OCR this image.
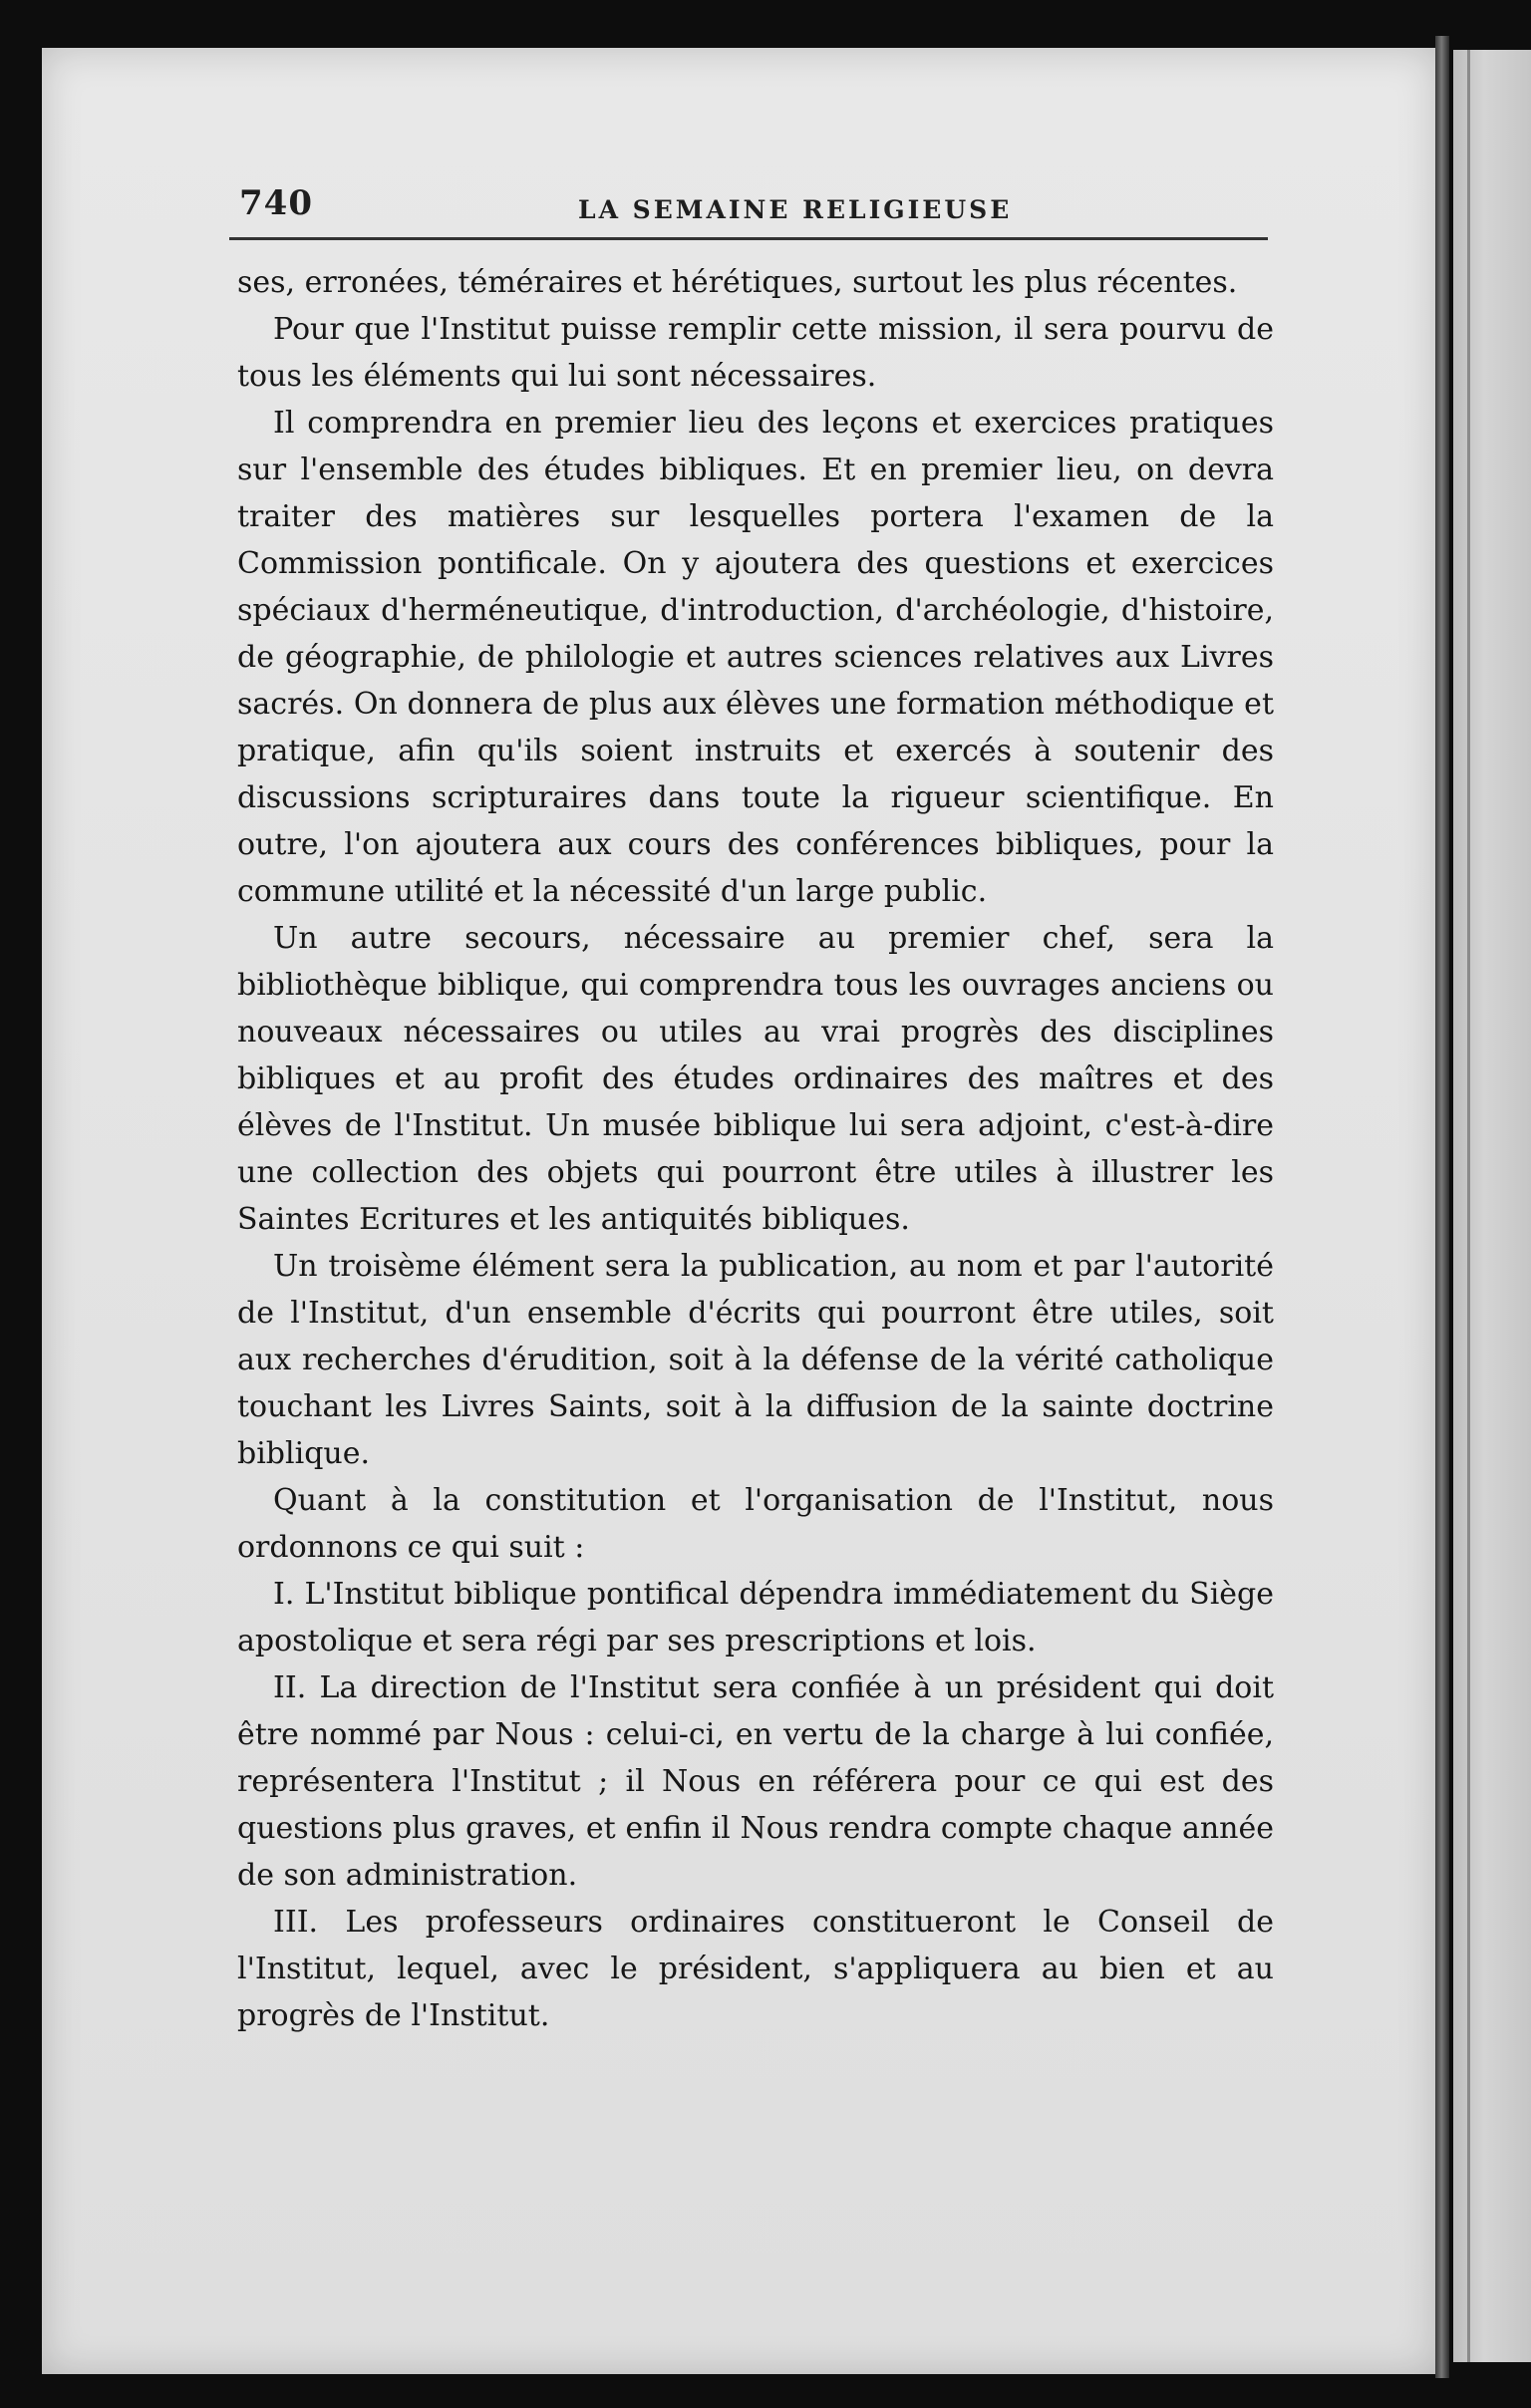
740	LA SEMAINE RELIGIEUSE

ses, erronées, téméraires et hérétiques, surtout les plus récentes.

Pour que l'Institut puisse remplir cette mission, il sera pourvu de tous les éléments qui lui sont nécessaires.

Il comprendra en premier lieu des leçons et exercices pratiques sur l'ensemble des études bibliques. Et en premier lieu, on devra traiter des matières sur lesquelles portera l'examen de la Commission pontificale. On y ajoutera des questions et exercices spéciaux d'herméneutique, d'introduction, d'archéologie, d'histoire, de géographie, de philologie et autres sciences relatives aux Livres sacrés. On donnera de plus aux élèves une formation méthodique et pratique, afin qu'ils soient instruits et exercés à soutenir des discussions scripturaires dans toute la rigueur scientifique. En outre, l'on ajoutera aux cours des conférences bibliques, pour la commune utilité et la nécessité d'un large public.

Un autre secours, nécessaire au premier chef, sera la bibliothèque biblique, qui comprendra tous les ouvrages anciens ou nouveaux nécessaires ou utiles au vrai progrès des disciplines bibliques et au profit des études ordinaires des maîtres et des élèves de l'Institut. Un musée biblique lui sera adjoint, c'est-à-dire une collection des objets qui pourront être utiles à illustrer les Saintes Ecritures et les antiquités bibliques.

Un troisème élément sera la publication, au nom et par l'autorité de l'Institut, d'un ensemble d'écrits qui pourront être utiles, soit aux recherches d'érudition, soit à la défense de la vérité catholique touchant les Livres Saints, soit à la diffusion de la sainte doctrine biblique.

Quant à la constitution et l'organisation de l'Institut, nous ordonnons ce qui suit :

I. L'Institut biblique pontifical dépendra immédiatement du Siège apostolique et sera régi par ses prescriptions et lois.

II. La direction de l'Institut sera confiée à un président qui doit être nommé par Nous : celui-ci, en vertu de la charge à lui confiée, représentera l'Institut ; il Nous en référera pour ce qui est des questions plus graves, et enfin il Nous rendra compte chaque année de son administration.

III. Les professeurs ordinaires constitueront le Conseil de l'Institut, lequel, avec le président, s'appliquera au bien et au progrès de l'Institut.
